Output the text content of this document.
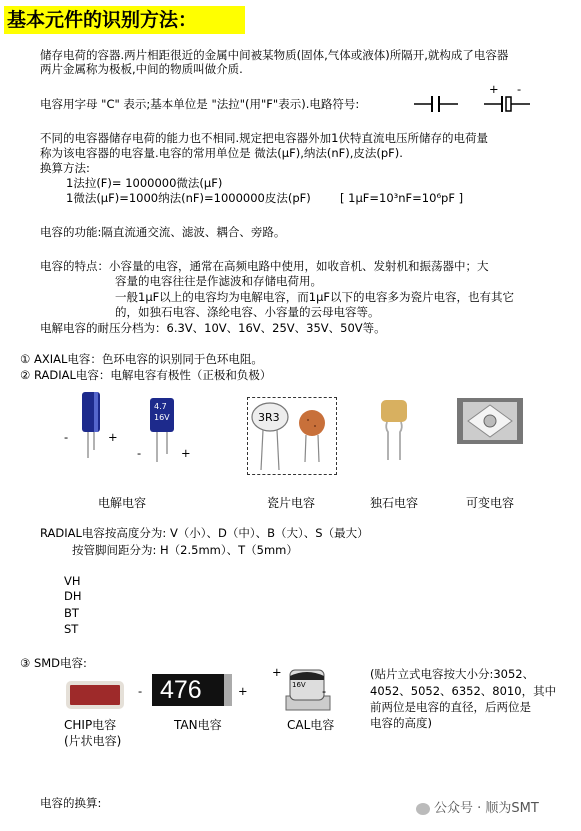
基本元件的识别方法：
储存电荷的容器.两片相距很近的金属中间被某物质(固体,气体或液体)所隔开,就构成了电容器
两片金属称为极板,中间的物质叫做介质.
电容用字母 "C" 表示;基本单位是 "法拉"(用"F"表示).电路符号:
+ -
不同的电容器储存电荷的能力也不相同.规定把电容器外加1伏特直流电压所储存的电荷量
称为该电容器的电容量.电容的常用单位是 微法(μF),纳法(nF),皮法(pF).
换算方法:
1法拉(F)= 1000000微法(μF)
1微法(μF)=1000纳法(nF)=1000000皮法(pF)	[ 1μF=10³nF=10⁶pF ]
电容的功能:隔直流通交流、滤波、耦合、旁路。
电容的特点：小容量的电容，通常在高频电路中使用，如收音机、发射机和振荡器中；大
容量的电容往往是作滤波和存储电荷用。
一般1μF以上的电容均为电解电容，而1μF以下的电容多为瓷片电容，也有其它
的，如独石电容、涤纶电容、小容量的云母电容等。
电解电容的耐压分档为：6.3V、10V、16V、25V、35V、50V等。
① AXIAL电容：色环电容的识别同于色环电阻。
② RADIAL电容：电解电容有极性（正极和负极）
-	+
4.7
16V
-	+
3R3
电解电容	瓷片电容	独石电容	可变电容
RADIAL电容按高度分为: V（小）、D（中）、B（大）、S（最大）
按管脚间距分为: H（2.5mm）、T（5mm）
VH
DH
BT
ST
③ SMD电容:
- 476	+
+
16V -
(贴片立式电容按大小分:3052、
4052、5052、6352、8010，其中
前两位是电容的直径，后两位是
电容的高度)
CHIP电容
(片状电容)
TAN电容	CAL电容
电容的换算:	公众号 · 顺为SMT
